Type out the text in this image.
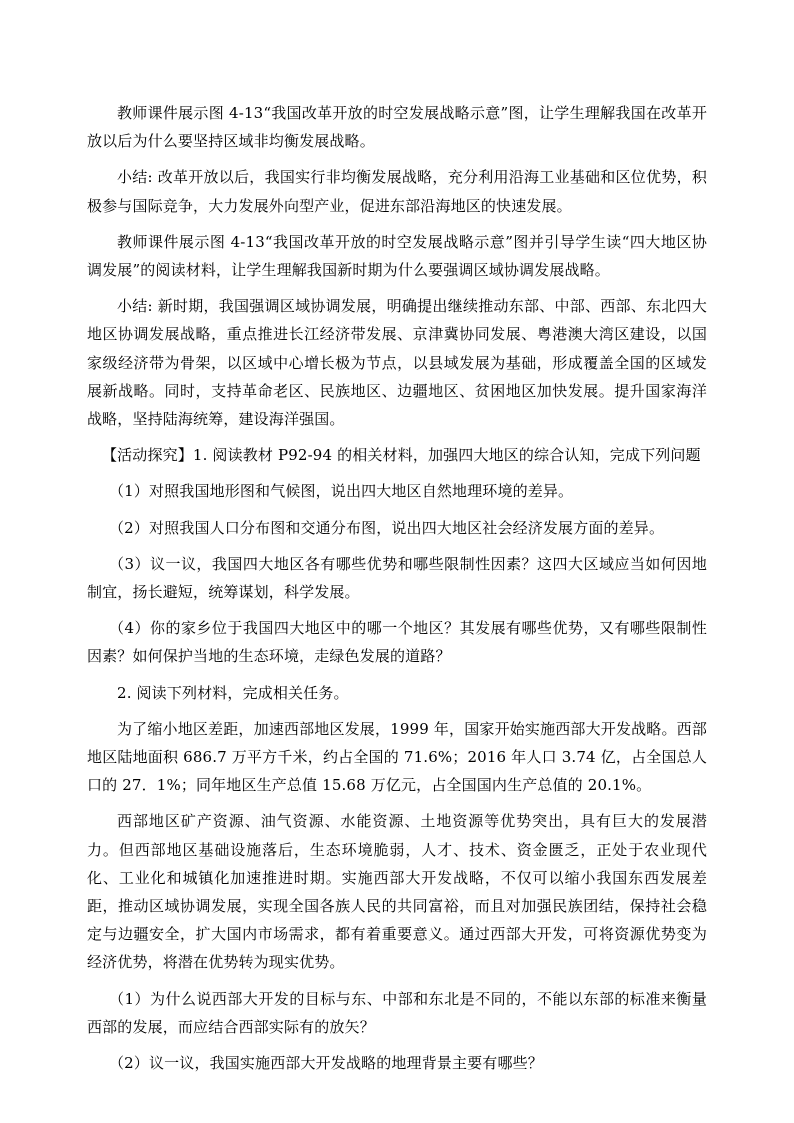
教师课件展示图 4-13“我国改革开放的时空发展战略示意”图，让学生理解我国在改革开放以后为什么要坚持区域非均衡发展战略。

小结: 改革开放以后，我国实行非均衡发展战略，充分利用沿海工业基础和区位优势，积极参与国际竞争，大力发展外向型产业，促进东部沿海地区的快速发展。

教师课件展示图 4-13“我国改革开放的时空发展战略示意”图并引导学生读“四大地区协调发展”的阅读材料，让学生理解我国新时期为什么要强调区域协调发展战略。

小结: 新时期，我国强调区域协调发展，明确提出继续推动东部、中部、西部、东北四大地区协调发展战略，重点推进长江经济带发展、京津冀协同发展、粤港澳大湾区建设，以国家级经济带为骨架，以区域中心增长极为节点，以县域发展为基础，形成覆盖全国的区域发展新战略。同时，支持革命老区、民族地区、边疆地区、贫困地区加快发展。提升国家海洋战略，坚持陆海统筹，建设海洋强国。

【活动探究】1. 阅读教材 P92-94 的相关材料，加强四大地区的综合认知，完成下列问题

（1）对照我国地形图和气候图，说出四大地区自然地理环境的差异。

（2）对照我国人口分布图和交通分布图，说出四大地区社会经济发展方面的差异。

（3）议一议，我国四大地区各有哪些优势和哪些限制性因素？这四大区域应当如何因地制宜，扬长避短，统筹谋划，科学发展。

（4）你的家乡位于我国四大地区中的哪一个地区？其发展有哪些优势，又有哪些限制性因素？如何保护当地的生态环境，走绿色发展的道路？

2. 阅读下列材料，完成相关任务。

为了缩小地区差距，加速西部地区发展，1999 年，国家开始实施西部大开发战略。西部地区陆地面积 686.7 万平方千米，约占全国的 71.6%；2016 年人口 3.74 亿，占全国总人口的 27．1%；同年地区生产总值 15.68 万亿元，占全国国内生产总值的 20.1%。

西部地区矿产资源、油气资源、水能资源、土地资源等优势突出，具有巨大的发展潜力。但西部地区基础设施落后，生态环境脆弱，人才、技术、资金匮乏，正处于农业现代化、工业化和城镇化加速推进时期。实施西部大开发战略，不仅可以缩小我国东西发展差距，推动区域协调发展，实现全国各族人民的共同富裕，而且对加强民族团结，保持社会稳定与边疆安全，扩大国内市场需求，都有着重要意义。通过西部大开发，可将资源优势变为经济优势，将潜在优势转为现实优势。

（1）为什么说西部大开发的目标与东、中部和东北是不同的，不能以东部的标准来衡量西部的发展，而应结合西部实际有的放矢？

（2）议一议，我国实施西部大开发战略的地理背景主要有哪些？
